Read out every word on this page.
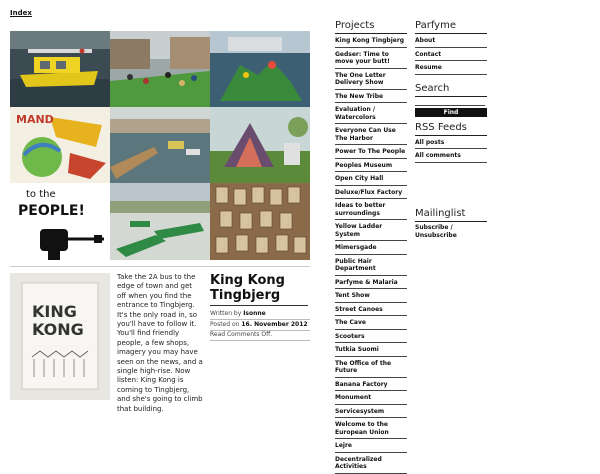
Index
MAND
to the
PEOPLE!
KING
KONG

Take the 2A bus to the edge of town and get off when you find the entrance to Tingbjerg. It's the only road in, so you'll have to follow it. You'll find friendly people, a few shops, imagery you may have seen on the news, and a single high-rise. Now listen: King Kong is coming to Tingbjerg, and she's going to climb that building.

King Kong Tingbjerg
Written by Isonne
Posted on 16. November 2012
Read Comments Off.
Projects
King Kong Tingbjerg
Gedser: Time to move your butt!
The One Letter Delivery Show
The New Tribe
Evaluation / Watercolors
Everyone Can Use The Harbor
Power To The People
Peoples Museum
Open City Hall
Deluxe/Flux Factory
Ideas to better surroundings
Yellow Ladder System
Mimersgade
Public Hair Department
Parfyme & Malaria
Tent Show
Street Canoes
The Cave
Scooters
Tutkia Suomi
The Office of the Future
Banana Factory
Monument
Servicesystem
Welcome to the European Union
Lejre
Decentralized Activities
Parfyme
About
Contact
Resume
Search
Find
RSS Feeds
All posts
All comments
Mailinglist
Subscribe /
Unsubscribe
